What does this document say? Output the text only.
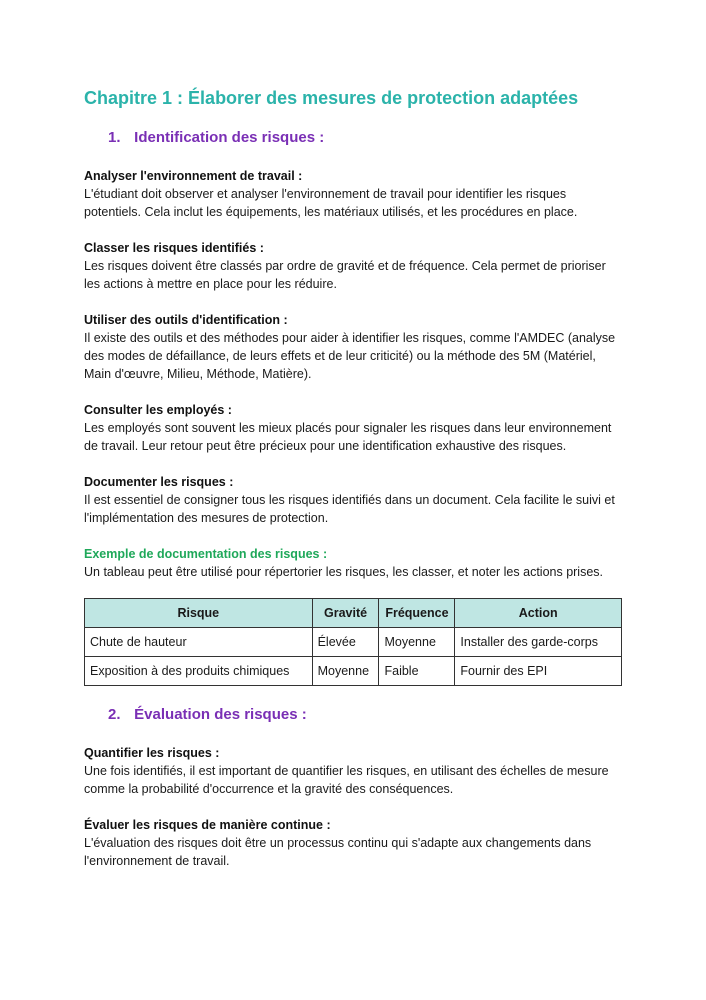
Chapitre 1 : Élaborer des mesures de protection adaptées
1. Identification des risques :

Analyser l'environnement de travail :

L'étudiant doit observer et analyser l'environnement de travail pour identifier les risques potentiels. Cela inclut les équipements, les matériaux utilisés, et les procédures en place.

Classer les risques identifiés :

Les risques doivent être classés par ordre de gravité et de fréquence. Cela permet de prioriser les actions à mettre en place pour les réduire.

Utiliser des outils d'identification :

Il existe des outils et des méthodes pour aider à identifier les risques, comme l'AMDEC (analyse des modes de défaillance, de leurs effets et de leur criticité) ou la méthode des 5M (Matériel, Main d'œuvre, Milieu, Méthode, Matière).

Consulter les employés :

Les employés sont souvent les mieux placés pour signaler les risques dans leur environnement de travail. Leur retour peut être précieux pour une identification exhaustive des risques.

Documenter les risques :

Il est essentiel de consigner tous les risques identifiés dans un document. Cela facilite le suivi et l'implémentation des mesures de protection.

Exemple de documentation des risques :

Un tableau peut être utilisé pour répertorier les risques, les classer, et noter les actions prises.

Risque	Gravité	Fréquence	Action
Chute de hauteur	Élevée	Moyenne	Installer des garde-corps
Exposition à des produits chimiques	Moyenne	Faible	Fournir des EPI
2. Évaluation des risques :

Quantifier les risques :

Une fois identifiés, il est important de quantifier les risques, en utilisant des échelles de mesure comme la probabilité d'occurrence et la gravité des conséquences.

Évaluer les risques de manière continue :

L'évaluation des risques doit être un processus continu qui s'adapte aux changements dans l'environnement de travail.
